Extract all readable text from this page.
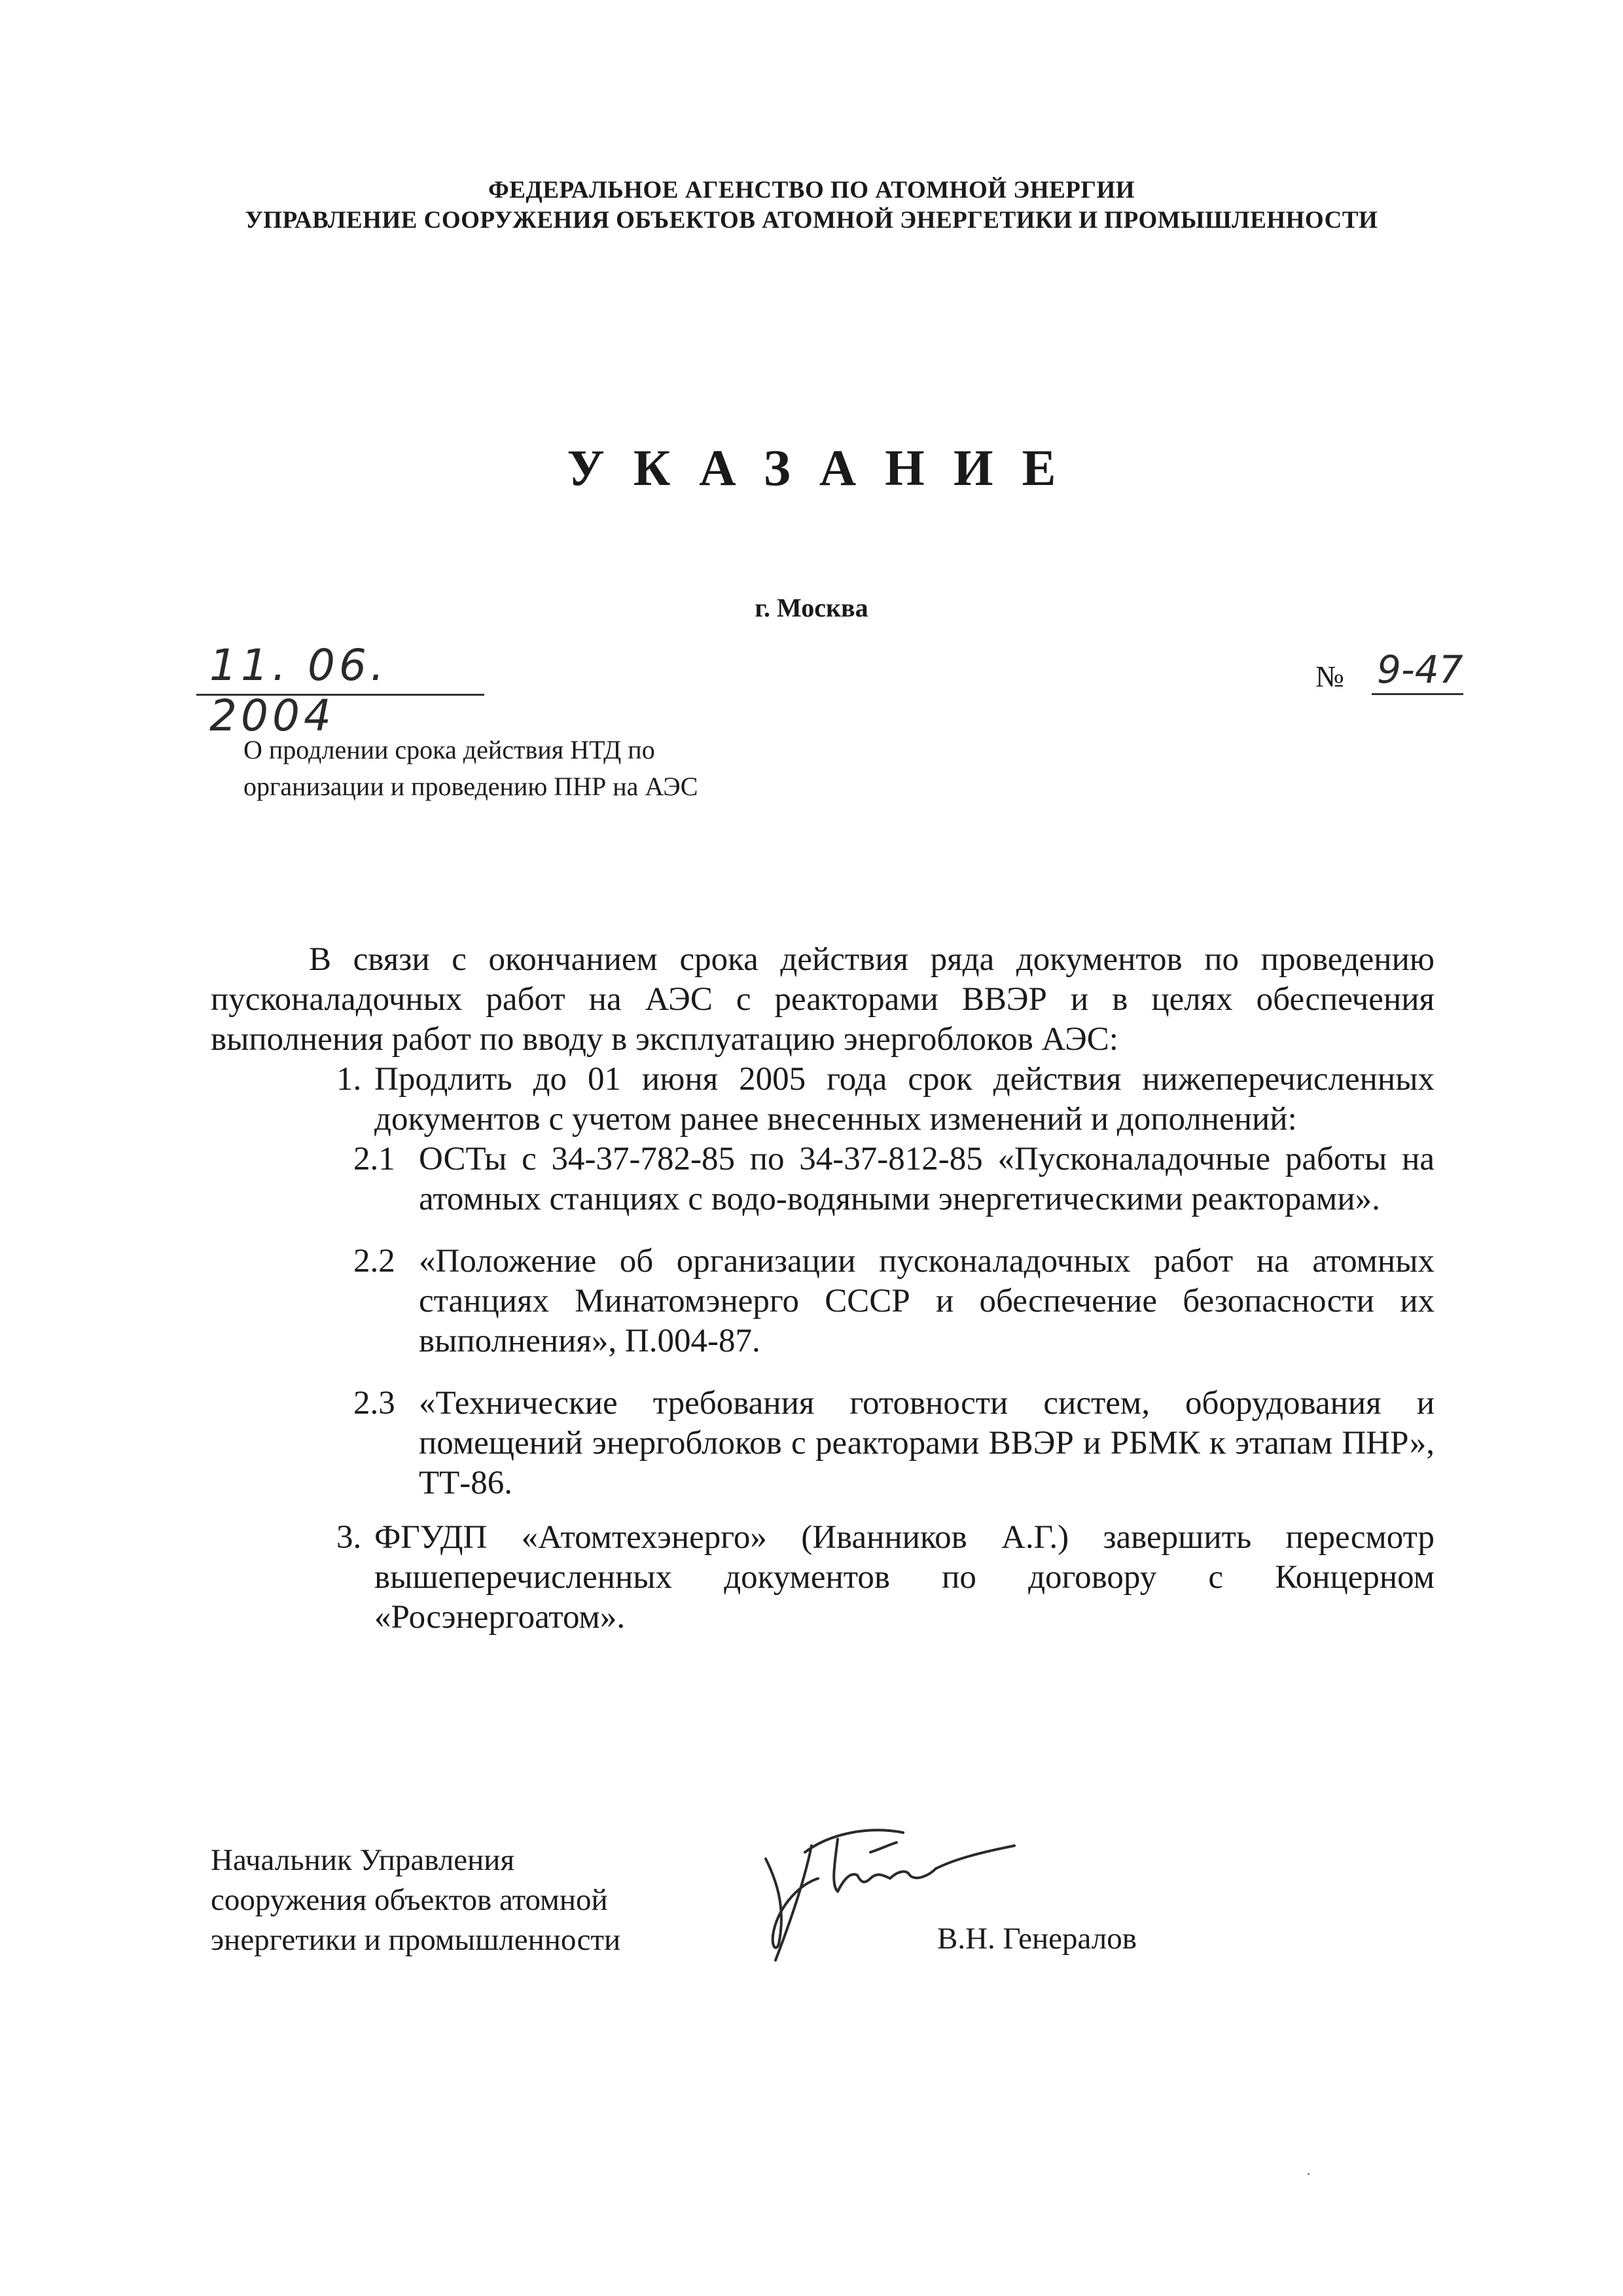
ФЕДЕРАЛЬНОЕ АГЕНСТВО ПО АТОМНОЙ ЭНЕРГИИ
УПРАВЛЕНИЕ СООРУЖЕНИЯ ОБЪЕКТОВ АТОМНОЙ ЭНЕРГЕТИКИ И ПРОМЫШЛЕННОСТИ
УКАЗАНИЕ
г. Москва
11. 06. 2004
№ 9-47
О продлении срока действия НТД по
организации и проведению ПНР на АЭС

В связи с окончанием срока действия ряда документов по проведению пусконаладочных работ на АЭС с реакторами ВВЭР и в целях обеспечения выполнения работ по вводу в эксплуатацию энергоблоков АЭС:

1. Продлить до 01 июня 2005 года срок действия нижеперечисленных документов с учетом ранее внесенных изменений и дополнений:
2.1 ОСТы с 34-37-782-85 по 34-37-812-85 «Пусконаладочные работы на атомных станциях с водо-водяными энергетическими реакторами».
2.2 «Положение об организации пусконаладочных работ на атомных станциях Минатомэнерго СССР и обеспечение безопасности их выполнения», П.004-87.
2.3 «Технические требования готовности систем, оборудования и помещений энергоблоков с реакторами ВВЭР и РБМК к этапам ПНР», ТТ-86.
3. ФГУДП «Атомтехэнерго» (Иванников А.Г.) завершить пересмотр вышеперечисленных документов по договору с Концерном «Росэнергоатом».
Начальник Управления
сооружения объектов атомной
энергетики и промышленности	В.Н. Генералов
